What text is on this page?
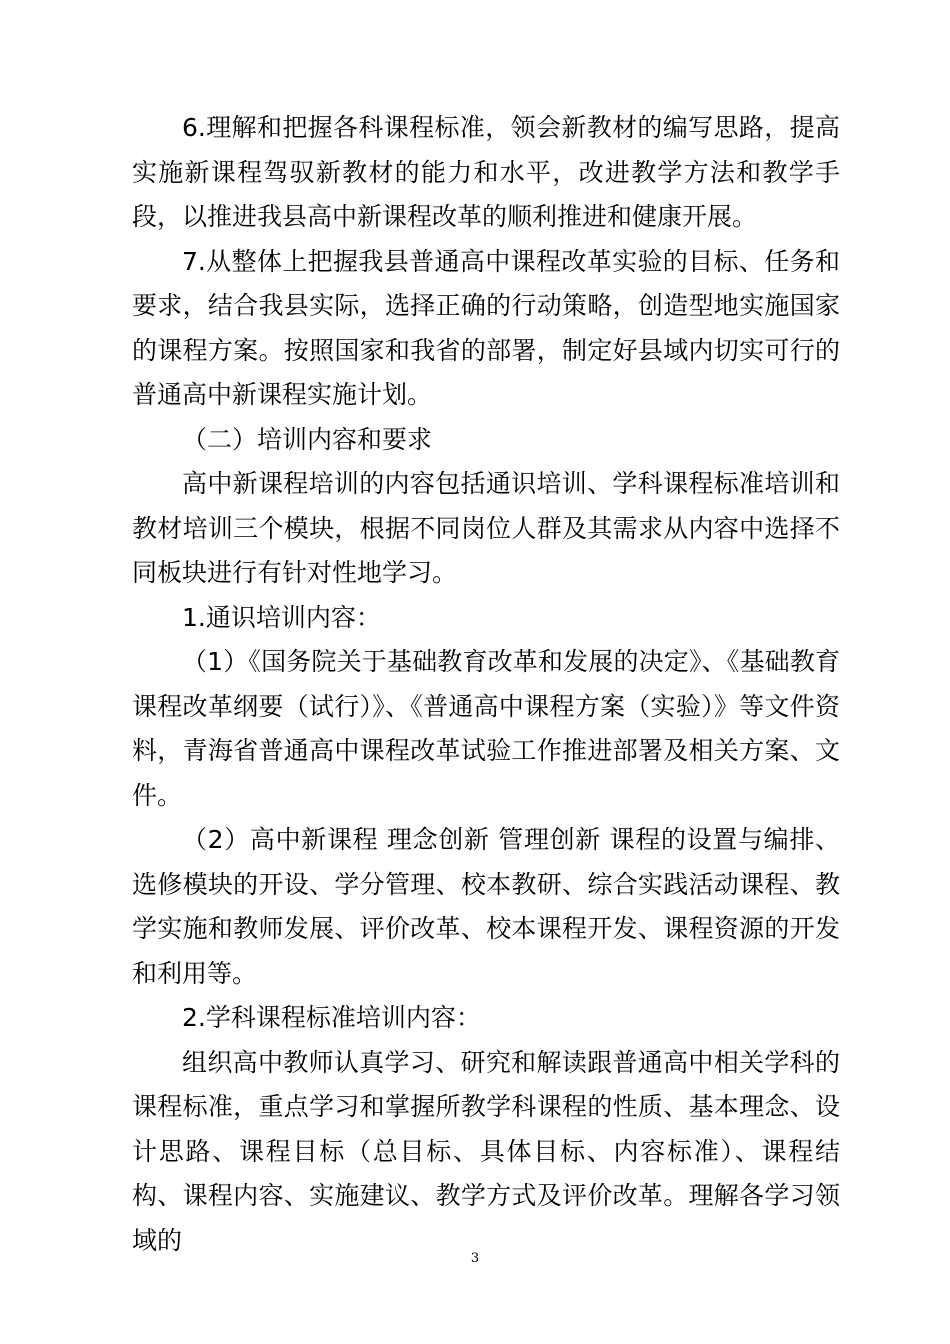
6.理解和把握各科课程标准，领会新教材的编写思路，提高实施新课程驾驭新教材的能力和水平，改进教学方法和教学手段，以推进我县高中新课程改革的顺利推进和健康开展。

7.从整体上把握我县普通高中课程改革实验的目标、任务和要求，结合我县实际，选择正确的行动策略，创造型地实施国家的课程方案。按照国家和我省的部署，制定好县域内切实可行的普通高中新课程实施计划。

（二）培训内容和要求

高中新课程培训的内容包括通识培训、学科课程标准培训和教材培训三个模块，根据不同岗位人群及其需求从内容中选择不同板块进行有针对性地学习。

1.通识培训内容：

（1）《国务院关于基础教育改革和发展的决定》、《基础教育课程改革纲要（试行）》、《普通高中课程方案（实验）》等文件资料，青海省普通高中课程改革试验工作推进部署及相关方案、文件。

（2）高中新课程 理念创新 管理创新 课程的设置与编排、选修模块的开设、学分管理、校本教研、综合实践活动课程、教学实施和教师发展、评价改革、校本课程开发、课程资源的开发和利用等。

2.学科课程标准培训内容：

组织高中教师认真学习、研究和解读跟普通高中相关学科的课程标准，重点学习和掌握所教学科课程的性质、基本理念、设计思路、课程目标（总目标、具体目标、内容标准）、课程结构、课程内容、实施建议、教学方式及评价改革。理解各学习领域的

3
